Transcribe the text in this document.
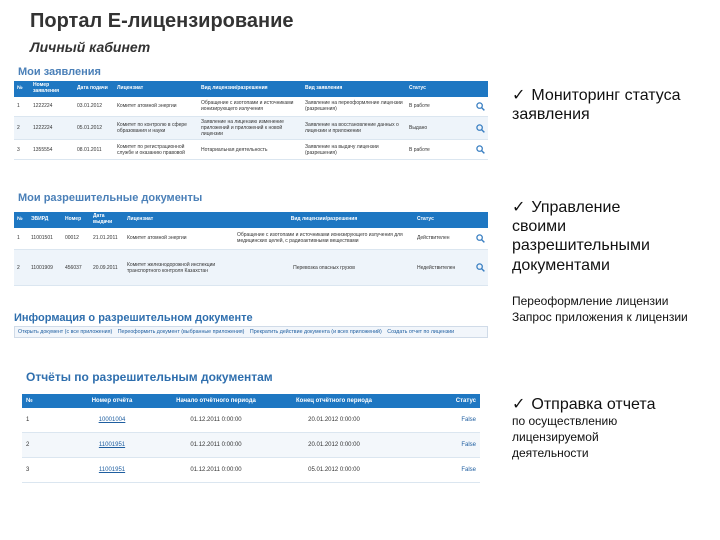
Портал Е-лицензирование
Личный кабинет
Мои заявления
№	Номер заявления	Дата подачи	Лицензиат	Вид лицензии/разрешения	Вид заявления	Статус	
1	1222224	03.01.2012	Комитет атомной энергии	Обращение с изотопами и источниками ионизирующего излучения	Заявление на переоформление лицензии (разрешения)	В работе	
2	1222224	05.01.2012	Комитет по контролю в сфере образования и науки	Заявление на лицензию изменение приложений и приложений к новой лицензии	Заявление на восстановление данных о лицензии и приложении	Выдано	
3	1355554	08.01.2011	Комитет по регистрационной службе и оказанию правовой	Нотариальная деятельность	Заявление на выдачу лицензии (разрешения)	В работе	
Мои разрешительные документы
№	ЭВИРД	Номер	Дата выдачи	Лицензиат	Вид лицензии/разрешения	Статус	
1	11001501	00012	21.01.2011	Комитет атомной энергии	Обращение с изотопами и источниками ионизирующего излучения для медицинских целей, с радиоактивными веществами	Действителен	
2	11001909	456037	20.09.2011	Комитет железнодорожной инспекции транспортного контроля Казахстан	Перевозка опасных грузов	Недействителен	
Информация о разрешительном документе
Открыть документ (с все приложения) Переоформить документ (выбранные приложения) Прекратить действие документа (и всех приложений) Создать отчет по лицензии
Отчёты по разрешительным документам
№	Номер отчёта	Начало отчётного периода	Конец отчётного периода	Статус
1	10001004	01.12.2011 0:00:00	20.01.2012 0:00:00	False
2	11001951	01.12.2011 0:00:00	20.01.2012 0:00:00	False
3	11001951	01.12.2011 0:00:00	05.01.2012 0:00:00	False
✓ Мониторинг статуса заявления
✓ Управление своими разрешительными документами
Переоформление лицензии Запрос приложения к лицензии
✓ Отправка отчета
по осуществлению лицензируемой деятельности
